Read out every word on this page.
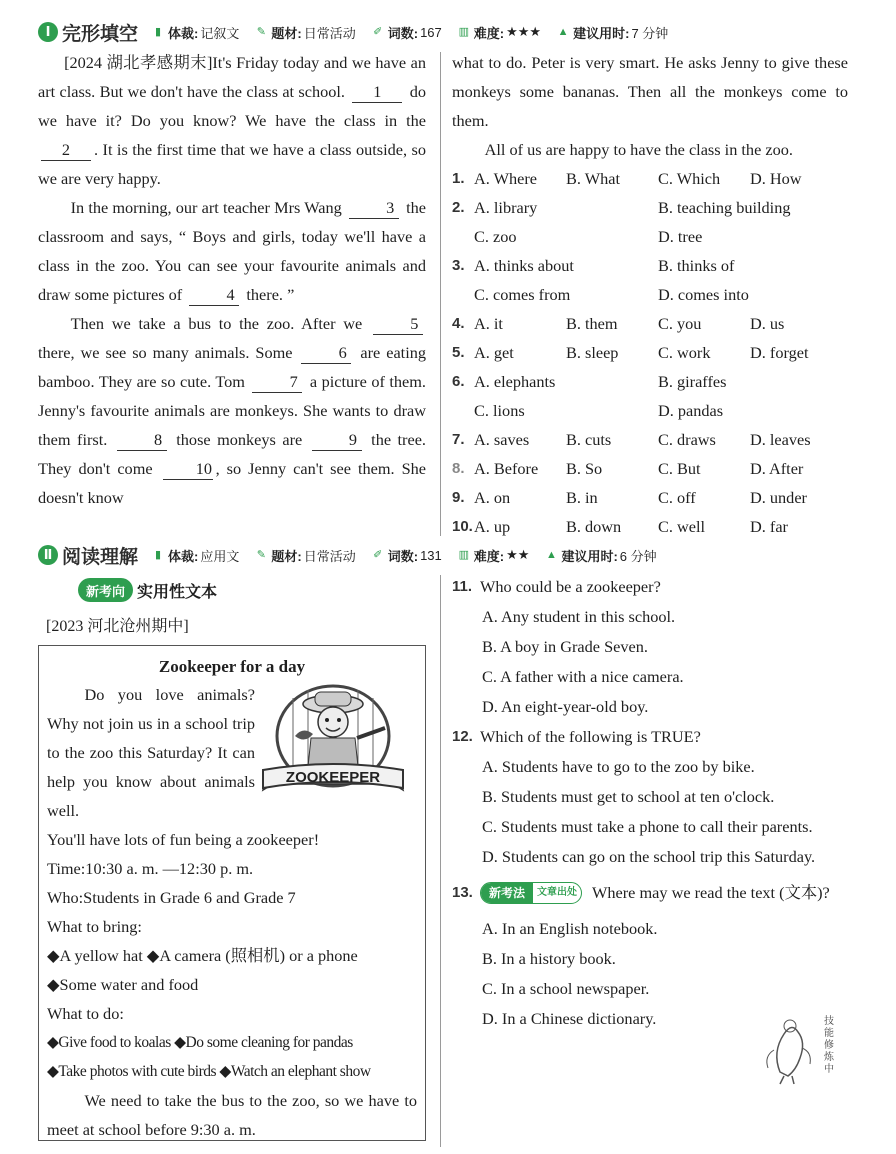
Ⅰ 完形填空 ▮ 体裁: 记叙文 ✎ 题材: 日常活动 ✐ 词数: 167 ▥ 难度: ★★★ ▲ 建议用时: 7 分钟

[2024 湖北孝感期末]It's Friday today and we have an art class. But we don't have the class at school. 1 do we have it? Do you know? We have the class in the 2 . It is the first time that we have a class outside, so we are very happy.

In the morning, our art teacher Mrs Wang	3 the classroom and says, “ Boys and girls, today we'll have a class in the zoo. You can see your favourite animals and draw some pictures of	4 there. ”

Then we take a bus to the zoo. After we	5 there, we see so many animals. Some	6 are eating bamboo. They are so cute. Tom	7 a picture of them. Jenny's favourite animals are monkeys. She wants to draw them first.	8 those monkeys are	9 the tree. They don't come	10 , so Jenny can't see them. She doesn't know

what to do. Peter is very smart. He asks Jenny to give these monkeys some bananas. Then all the monkeys come to them.

All of us are happy to have the class in the zoo.

1. A. Where	B. What	C. Which	D. How
2. A. library	B. teaching building
C. zoo	D. tree
3. A. thinks about	B. thinks of
C. comes from	D. comes into
4. A. it	B. them	C. you	D. us
5. A. get	B. sleep	C. work	D. forget
6. A. elephants	B. giraffes
C. lions	D. pandas
7. A. saves	B. cuts	C. draws	D. leaves
8. A. Before	B. So	C. But	D. After
9. A. on	B. in	C. off	D. under
10. A. up	B. down	C. well	D. far
Ⅱ 阅读理解 ▮ 体裁: 应用文 ✎ 题材: 日常活动 ✐ 词数: 131 ▥ 难度: ★★ ▲ 建议用时: 6 分钟
新考向 实用性文本
[2023 河北沧州期中]
Zookeeper for a day
ZOOKEEPER
Do you love animals? Why not join us in a school trip to the zoo this Saturday? It can help you know about animals well.
You'll have lots of fun being a zookeeper!
Time:10:30 a. m. —12:30 p. m.
Who:Students in Grade 6 and Grade 7
What to bring:
◆A yellow hat ◆A camera (照相机) or a phone
◆Some water and food
What to do:
◆Give food to koalas ◆Do some cleaning for pandas
◆Take photos with cute birds ◆Watch an elephant show
We need to take the bus to the zoo, so we have to meet at school before 9:30 a. m.
11. Who could be a zookeeper?
A. Any student in this school.
B. A boy in Grade Seven.
C. A father with a nice camera.
D. An eight-year-old boy.
12. Which of the following is TRUE?
A. Students have to go to the zoo by bike.
B. Students must get to school at ten o'clock.
C. Students must take a phone to call their parents.
D. Students can go on the school trip this Saturday.
13.	新考法	文章出处 Where may we read the text (文本)?
A. In an English notebook.
B. In a history book.
C. In a school newspaper.
D. In a Chinese dictionary.	技能修炼中
